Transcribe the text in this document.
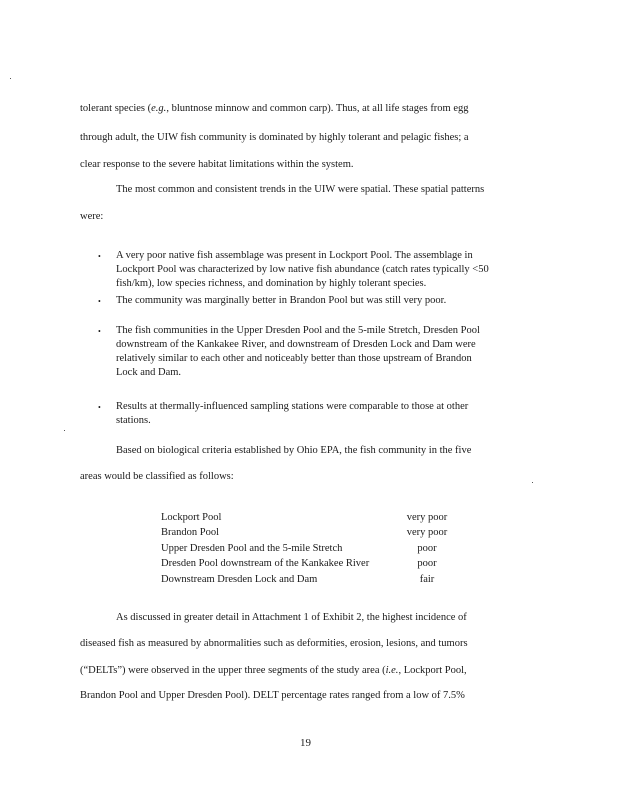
tolerant species (e.g., bluntnose minnow and common carp). Thus, at all life stages from egg
through adult, the UIW fish community is dominated by highly tolerant and pelagic fishes; a
clear response to the severe habitat limitations within the system.
The most common and consistent trends in the UIW were spatial. These spatial patterns
were:
• A very poor native fish assemblage was present in Lockport Pool. The assemblage in
Lockport Pool was characterized by low native fish abundance (catch rates typically <50
fish/km), low species richness, and domination by highly tolerant species.
• The community was marginally better in Brandon Pool but was still very poor.
• The fish communities in the Upper Dresden Pool and the 5-mile Stretch, Dresden Pool
downstream of the Kankakee River, and downstream of Dresden Lock and Dam were
relatively similar to each other and noticeably better than those upstream of Brandon
Lock and Dam.
• Results at thermally-influenced sampling stations were comparable to those at other
stations.
Based on biological criteria established by Ohio EPA, the fish community in the five
areas would be classified as follows:
Lockport Pool	very poor
Brandon Pool	very poor
Upper Dresden Pool and the 5-mile Stretch	poor
Dresden Pool downstream of the Kankakee River	poor
Downstream Dresden Lock and Dam	fair
As discussed in greater detail in Attachment 1 of Exhibit 2, the highest incidence of
diseased fish as measured by abnormalities such as deformities, erosion, lesions, and tumors
(“DELTs”) were observed in the upper three segments of the study area (i.e., Lockport Pool,
Brandon Pool and Upper Dresden Pool). DELT percentage rates ranged from a low of 7.5%
19
